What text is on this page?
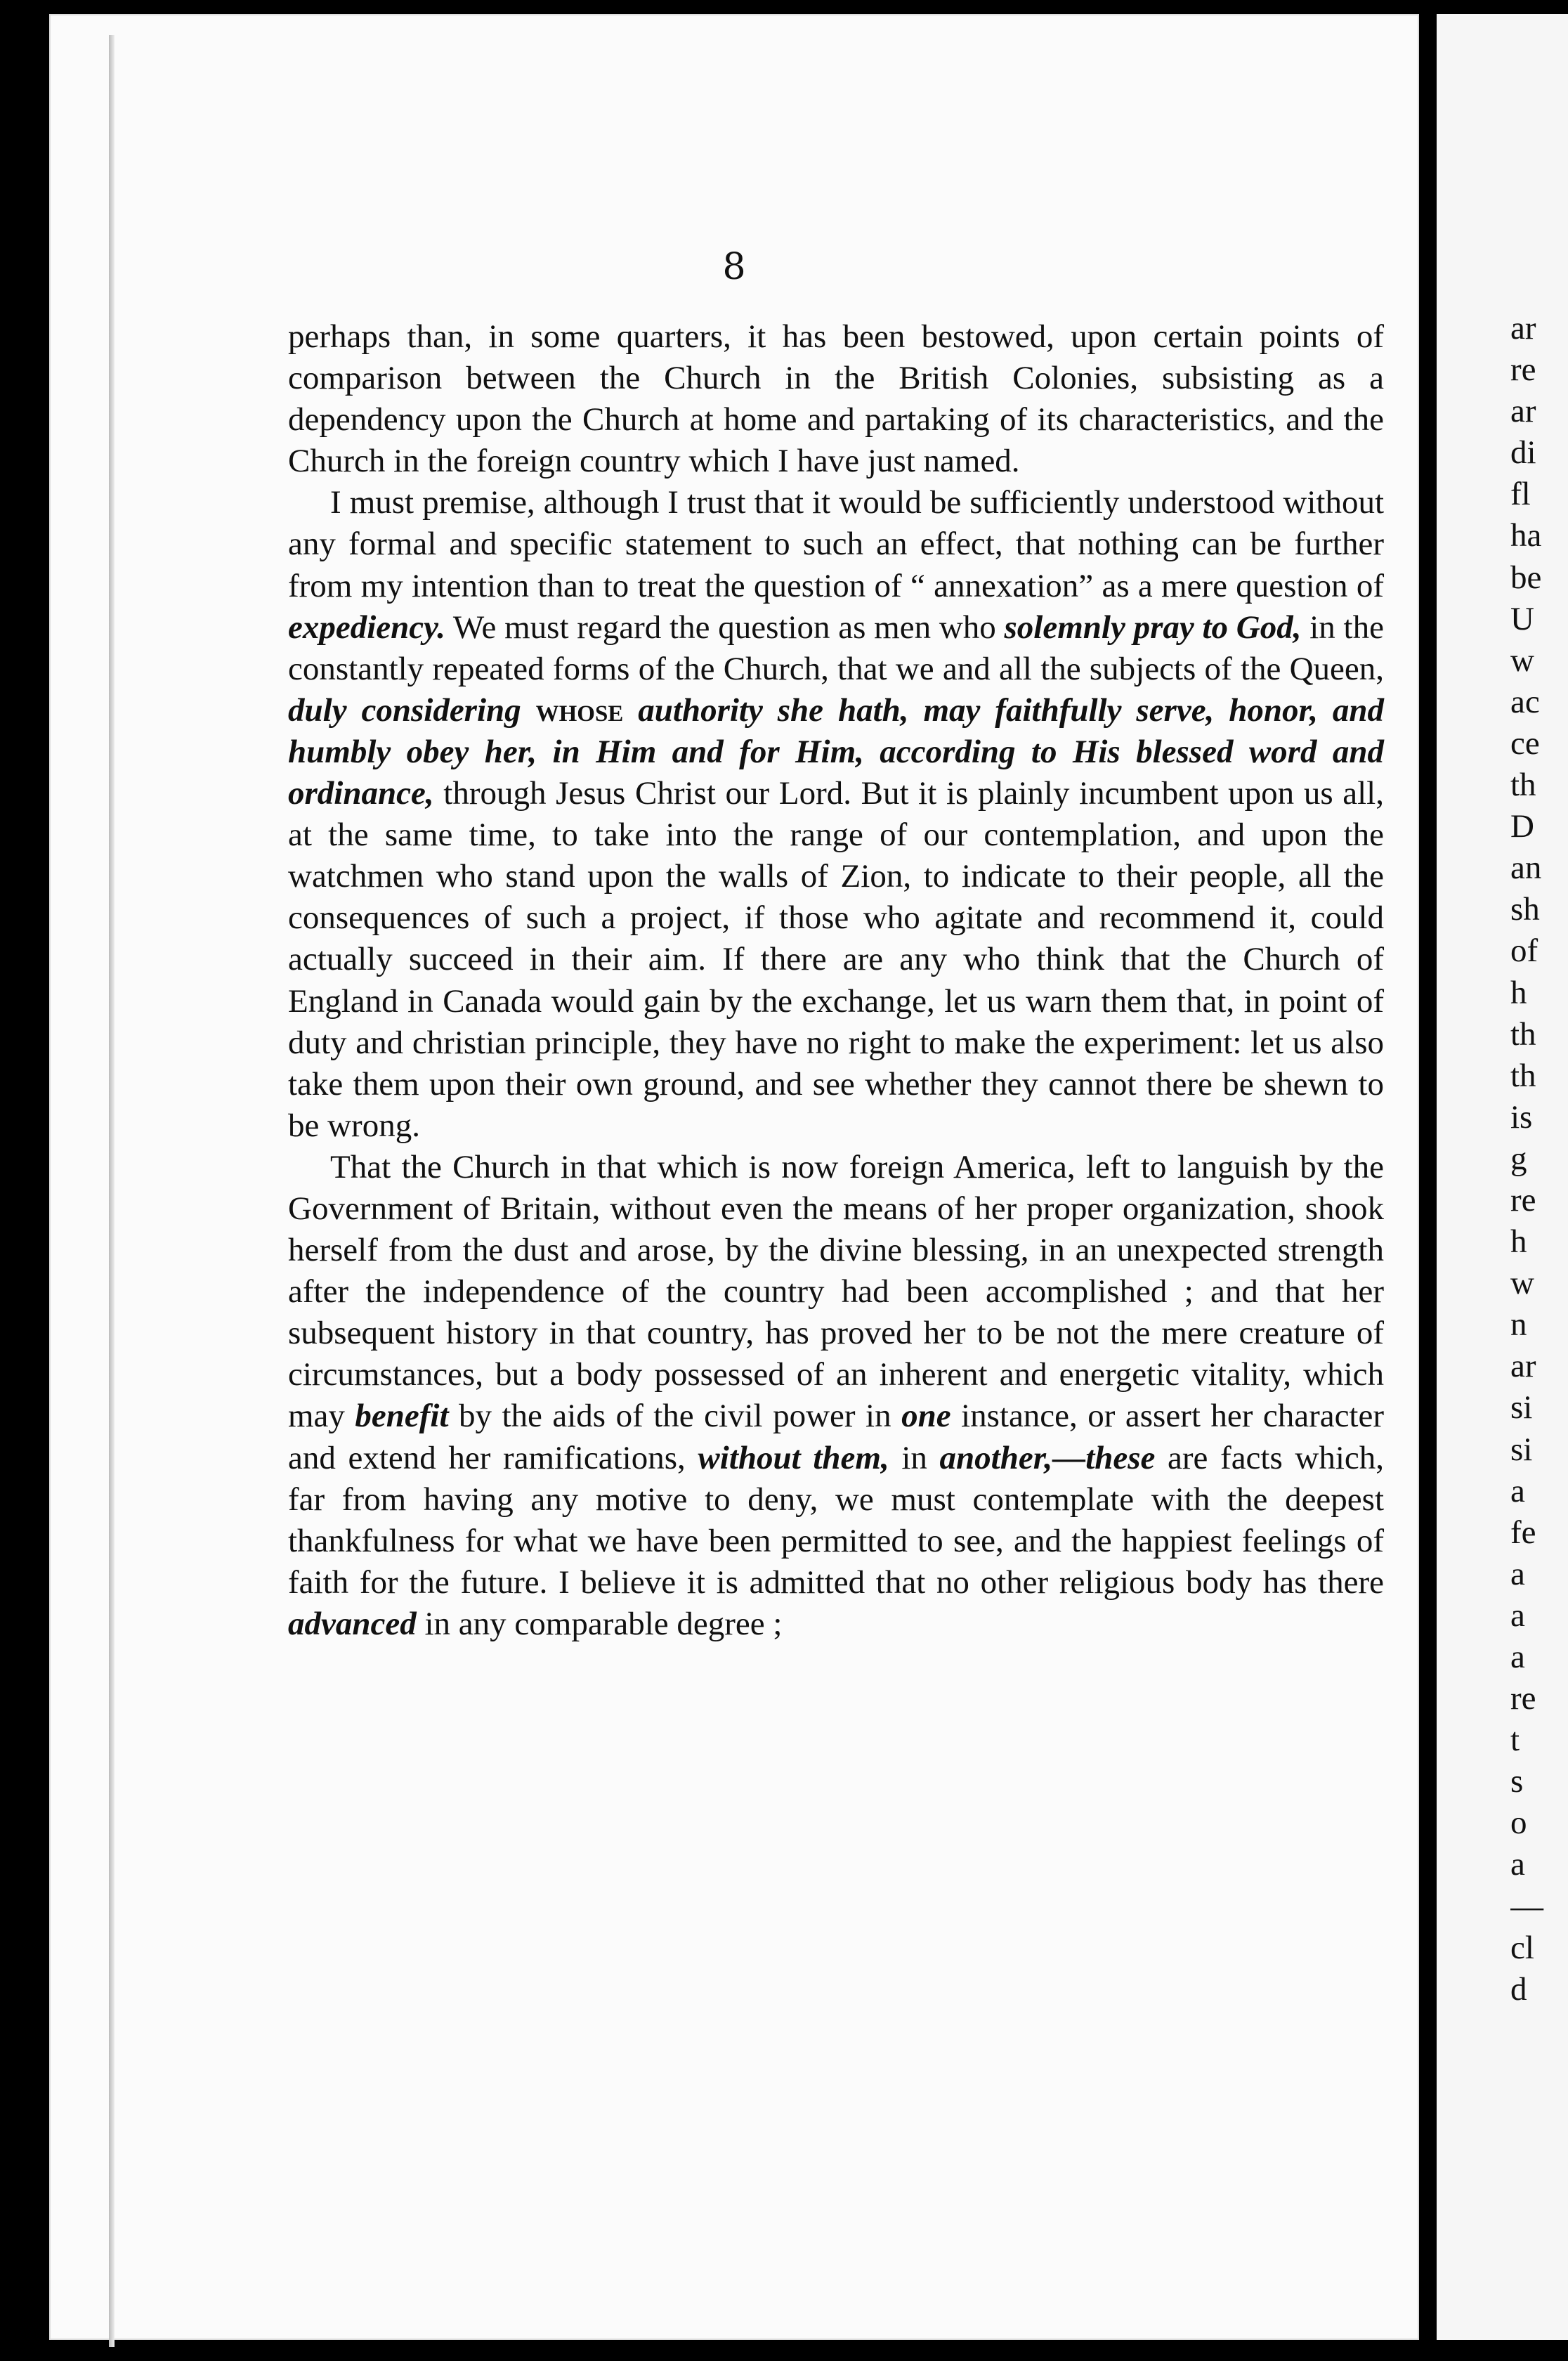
8

perhaps than, in some quarters, it has been bestowed, upon certain points of comparison between the Church in the British Colonies, subsisting as a dependency upon the Church at home and partaking of its characteristics, and the Church in the foreign country which I have just named.

I must premise, although I trust that it would be sufficiently understood without any formal and specific statement to such an effect, that nothing can be further from my intention than to treat the question of “ annexation” as a mere question of expediency. We must regard the question as men who solemnly pray to God, in the constantly repeated forms of the Church, that we and all the subjects of the Queen, duly considering whose authority she hath, may faithfully serve, honor, and humbly obey her, in Him and for Him, according to His blessed word and ordinance, through Jesus Christ our Lord. But it is plainly incumbent upon us all, at the same time, to take into the range of our contemplation, and upon the watchmen who stand upon the walls of Zion, to indicate to their people, all the consequences of such a project, if those who agitate and recommend it, could actually succeed in their aim. If there are any who think that the Church of England in Canada would gain by the exchange, let us warn them that, in point of duty and christian principle, they have no right to make the experiment: let us also take them upon their own ground, and see whether they cannot there be shewn to be wrong.

That the Church in that which is now foreign America, left to languish by the Government of Britain, without even the means of her proper organization, shook herself from the dust and arose, by the divine blessing, in an unexpected strength after the independence of the country had been accomplished ; and that her subsequent history in that country, has proved her to be not the mere creature of circumstances, but a body possessed of an inherent and energetic vitality, which may benefit by the aids of the civil power in one instance, or assert her character and extend her ramifications, without them, in another,—these are facts which, far from having any motive to deny, we must contemplate with the deepest thankfulness for what we have been permitted to see, and the happiest feelings of faith for the future. I believe it is admitted that no other religious body has there advanced in any comparable degree ;

ar
re
ar
di
fl
ha
be
U
w
ac
ce
th
D
an
sh
of
h
th
th
is
g
re
h
w
n
ar
si
si
a
fe
a
a
a
re
t
s
o
a
—
cl
d
